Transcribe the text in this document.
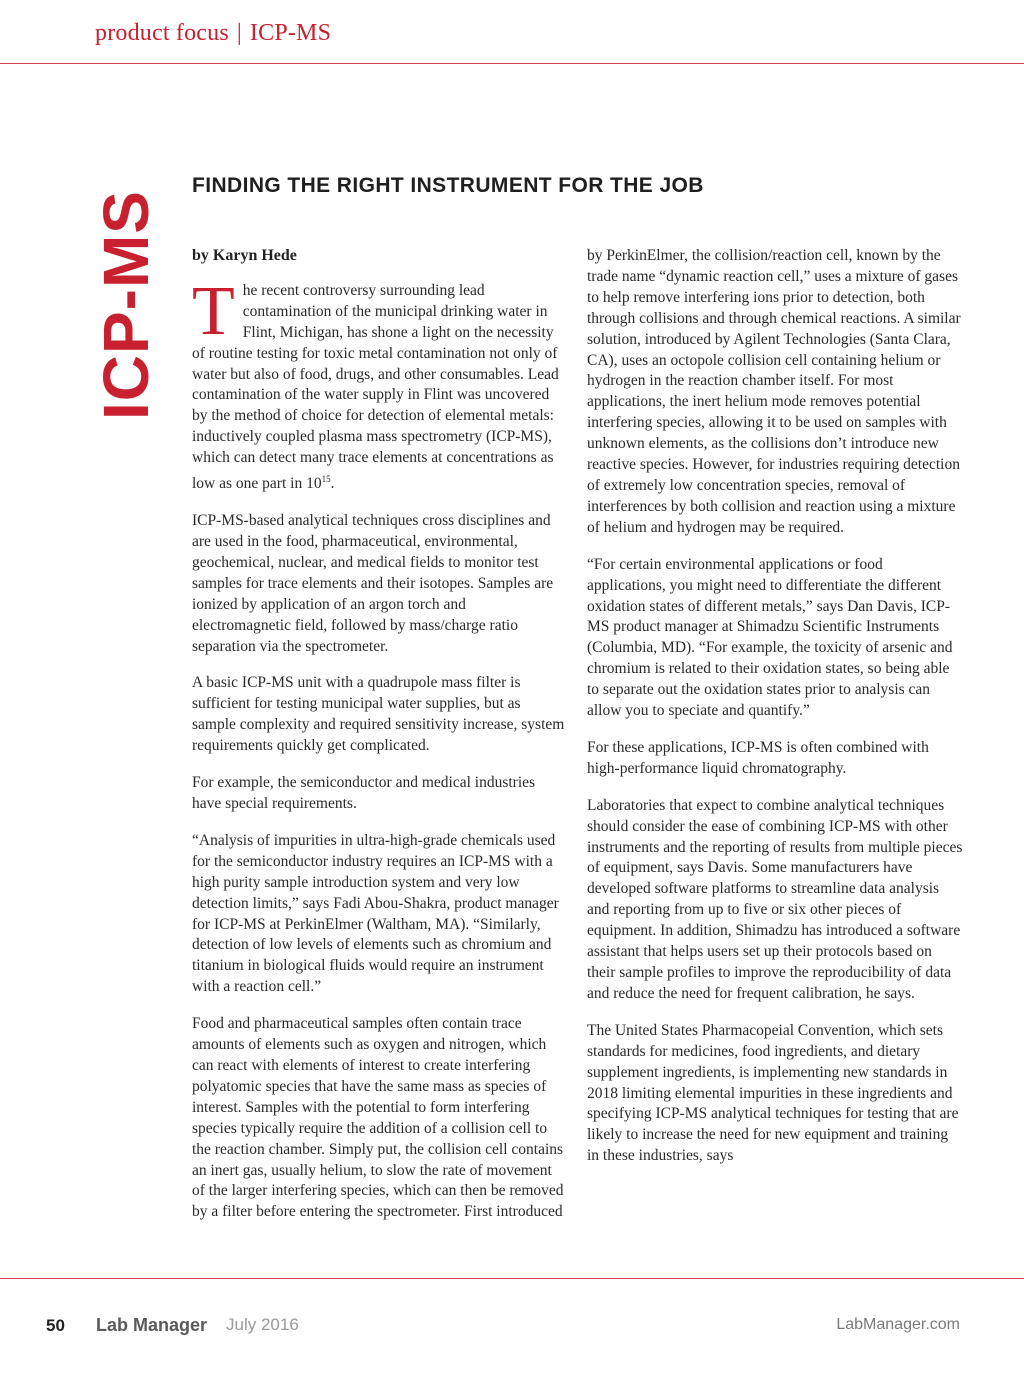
product focus | ICP-MS
ICP-MS
FINDING THE RIGHT INSTRUMENT FOR THE JOB
by Karyn Hede

The recent controversy surrounding lead contamination of the municipal drinking water in Flint, Michigan, has shone a light on the necessity of routine testing for toxic metal contamination not only of water but also of food, drugs, and other consumables. Lead contamination of the water supply in Flint was uncovered by the method of choice for detection of elemental metals: inductively coupled plasma mass spectrometry (ICP-MS), which can detect many trace elements at concentrations as low as one part in $10^{15}$.

ICP-MS-based analytical techniques cross disciplines and are used in the food, pharmaceutical, environmental, geochemical, nuclear, and medical fields to monitor test samples for trace elements and their isotopes. Samples are ionized by application of an argon torch and electromagnetic field, followed by mass/charge ratio separation via the spectrometer.

A basic ICP-MS unit with a quadrupole mass filter is sufficient for testing municipal water supplies, but as sample complexity and required sensitivity increase, system requirements quickly get complicated.

For example, the semiconductor and medical industries have special requirements.

“Analysis of impurities in ultra-high-grade chemicals used for the semiconductor industry requires an ICP-MS with a high purity sample introduction system and very low detection limits,” says Fadi Abou-Shakra, product manager for ICP-MS at PerkinElmer (Waltham, MA). “Similarly, detection of low levels of elements such as chromium and titanium in biological fluids would require an instrument with a reaction cell.”

Food and pharmaceutical samples often contain trace amounts of elements such as oxygen and nitrogen, which can react with elements of interest to create interfering polyatomic species that have the same mass as species of interest. Samples with the potential to form interfering species typically require the addition of a collision cell to the reaction chamber. Simply put, the collision cell contains an inert gas, usually helium, to slow the rate of movement of the larger interfering species, which can then be removed by a filter before entering the spectrometer. First introduced

by PerkinElmer, the collision/reaction cell, known by the trade name “dynamic reaction cell,” uses a mixture of gases to help remove interfering ions prior to detection, both through collisions and through chemical reactions. A similar solution, introduced by Agilent Technologies (Santa Clara, CA), uses an octopole collision cell containing helium or hydrogen in the reaction chamber itself. For most applications, the inert helium mode removes potential interfering species, allowing it to be used on samples with unknown elements, as the collisions don’t introduce new reactive species. However, for industries requiring detection of extremely low concentration species, removal of interferences by both collision and reaction using a mixture of helium and hydrogen may be required.

“For certain environmental applications or food applications, you might need to differentiate the different oxidation states of different metals,” says Dan Davis, ICP-MS product manager at Shimadzu Scientific Instruments (Columbia, MD). “For example, the toxicity of arsenic and chromium is related to their oxidation states, so being able to separate out the oxidation states prior to analysis can allow you to speciate and quantify.”

For these applications, ICP-MS is often combined with high-performance liquid chromatography.

Laboratories that expect to combine analytical techniques should consider the ease of combining ICP-MS with other instruments and the reporting of results from multiple pieces of equipment, says Davis. Some manufacturers have developed software platforms to streamline data analysis and reporting from up to five or six other pieces of equipment. In addition, Shimadzu has introduced a software assistant that helps users set up their protocols based on their sample profiles to improve the reproducibility of data and reduce the need for frequent calibration, he says.

The United States Pharmacopeial Convention, which sets standards for medicines, food ingredients, and dietary supplement ingredients, is implementing new standards in 2018 limiting elemental impurities in these ingredients and specifying ICP-MS analytical techniques for testing that are likely to increase the need for new equipment and training in these industries, says

50 Lab Manager July 2016	LabManager.com
